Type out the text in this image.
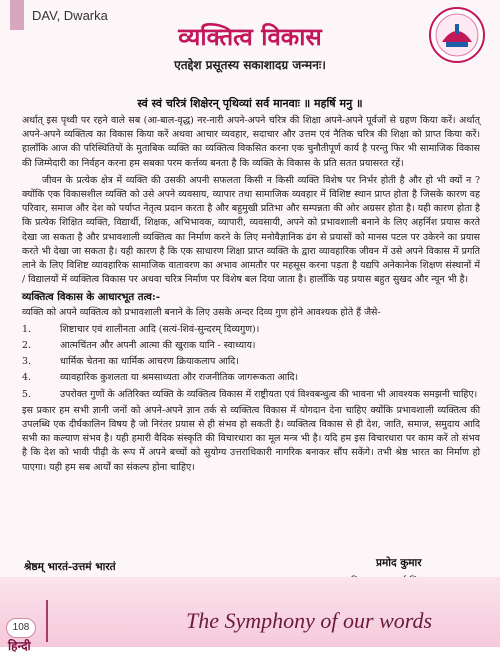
DAV, Dwarka
व्यक्तित्व विकास
एतद्देश प्रसूतस्य सकाशादग्र जन्मनः।
स्वं स्वं चरित्रं शिक्षेरन् पृथिव्यां सर्व मानवाः ॥ महर्षि मनु ॥

अर्थात् इस पृथ्वी पर रहने वाले सब (आ-बाल-वृद्ध) नर-नारी अपने-अपने चरित्र की शिक्षा अपने-अपने पूर्वजों से ग्रहण किया करें। अर्थात् अपने-अपने व्यक्तित्व का विकास किया करें अथवा आचार व्यवहार, सदाचार और उत्तम एवं नैतिक चरित्र की शिक्षा को प्राप्त किया करें। हालाँकि आज की परिस्थितियों के मुताबिक व्यक्ति का व्यक्तित्व विकसित करना एक चुनौतीपूर्ण कार्य है परन्तु फिर भी सामाजिक विकास की जिम्मेदारी का निर्वहन करना हम सबका परम कर्त्तव्य बनता है कि व्यक्ति के विकास के प्रति सतत प्रयासरत रहें।

जीवन के प्रत्येक क्षेत्र में व्यक्ति की उसकी अपनी सफलता किसी न किसी व्यक्ति विशेष पर निर्भर होती है और हो भी क्यों न ? क्योंकि एक विकासशील व्यक्ति को उसे अपने व्यवसाय, व्यापार तथा सामाजिक व्यवहार में विशिष्ट स्थान प्राप्त होता है जिसके कारण वह परिवार, समाज और देश को पर्याप्त नेतृत्व प्रदान करता है और बहुमुखी प्रतिभा और सम्पन्नता की ओर अग्रसर होता है। यही कारण होता है कि प्रत्येक शिक्षित व्यक्ति, विद्यार्थी, शिक्षक, अभिभावक, व्यापारी, व्यवसायी, अपने को प्रभावशाली बनाने के लिए अहर्निश प्रयास करते देखा जा सकता है और प्रभावशाली व्यक्तित्व का निर्माण करने के लिए मनोवैज्ञानिक ढंग से प्रयासों को मानस पटल पर उकेरने का प्रयास करते भी देखा जा सकता है। यही कारण है कि एक साधारण शिक्षा प्राप्त व्यक्ति के द्वारा व्यावहारिक जीवन में उसे अपने विकास में प्रगति लाने के लिए विशिष्ट व्यावहारिक सामाजिक वातावरण का अभाव आमतौर पर महसूस करना पड़ता है यद्यपि अनेकानेक शिक्षण संस्थानों में / विद्यालयों में व्यक्तित्व विकास पर अथवा चरित्र निर्माण पर विशेष बल दिया जाता है। हालाँकि यह प्रयास बहुत सुखद और न्यून भी है।

व्यक्तित्व विकास के आधारभूत तत्व:-

व्यक्ति को अपने व्यक्तित्व को प्रभावशाली बनाने के लिए उसके अन्दर दिव्य गुण होने आवश्यक होते हैं जैसे-

1.	शिष्टाचार एवं शालीनता आदि (सत्यं-शिवं-सुन्दरम् दिव्यगुण)।
2.	आत्मचिंतन और अपनी आत्मा की खुराक यानि - स्वाध्याय।
3.	धार्मिक चेतना का धार्मिक आचरण क्रियाकलाप आदि।
4.	व्यावहारिक कुशलता या श्रमसाध्यता और राजनीतिक जागरूकता आदि।
5.	उपरोक्त गुणों के अतिरिक्त व्यक्ति के व्यक्तित्व विकास में राष्ट्रीयता एवं विश्वबन्धुत्व की भावना भी आवश्यक समझनी चाहिए।

इस प्रकार हम सभी ज्ञानी जनों को अपने-अपने ज्ञान तर्क से व्यक्तित्व विकास में योगदान देना चाहिए क्योंकि प्रभावशाली व्यक्तित्व की उपलब्धि एक दीर्घकालिन विषय है जो निरंतर प्रयास से ही संभव हो सकती है। व्यक्तित्व विकास से ही देश, जाति, समाज, समुदाय आदि सभी का कल्याण संभव है। यही हमारी वैदिक संस्कृति की विचारधारा का मूल मन्त्र भी है। यदि हम इस विचारधारा पर काम करें तो संभव है कि देश को भावी पीढ़ी के रूप में अपने बच्चों को सुयोग्य उत्तराधिकारी नागरिक बनाकर सौंप सकेंगे। तभी श्रेष्ठ भारत का निर्माण हो पाएगा। यही हम सब आर्यों का संकल्प होना चाहिए।

श्रेष्ठम् भारतं-उत्तमं भारतं	प्रमोद कुमार
108
हिन्दी
The Symphony of our words
